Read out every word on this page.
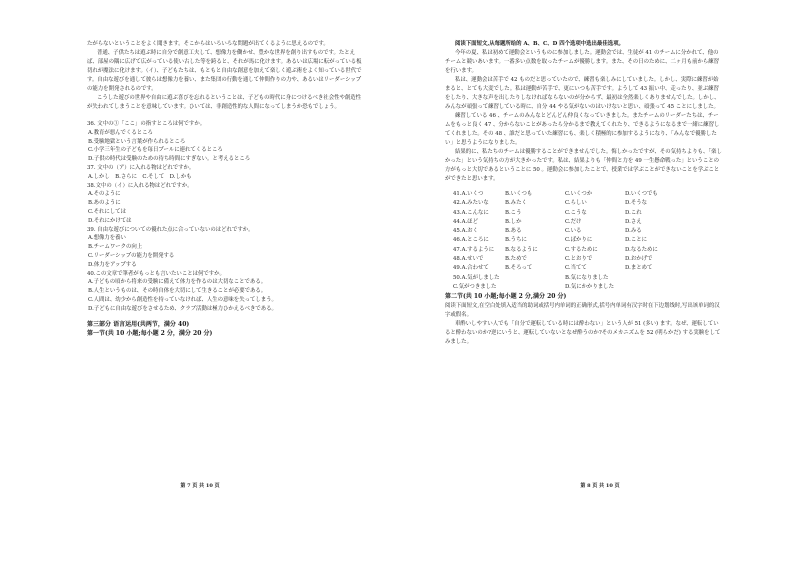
たがらないということをよく聞きます。そこからはいろいろな問題が出てくるように思えるのです。

普通、子供たちは遊ぶ時に自分で創意工夫して、想像力を働かせ、豊かな世界を創り出すものです。たとえば、部屋の隅に広げて広がっている使い古した等を跨ると、それが馬に化けます。あるいは広場に転がっている板切れが魔法に化けます。（イ）、子どもたちは、もともと自由な創意を加えて楽しく遊ぶ術をよく知っている世代です。自由な遊びを通して彼らは想像力を養い、また集団の行動を通して仲間作りの力や、あるいはリーダーシップの能力を開発されるのです。

こうした遊びの世界や自由に遊ぶ喜びを忘れるということは、子どもの時代に身につけるべき社会性や創造性が失われてしまうことを意味しています。ひいては、非創造性的な人間になってしまうか恐もでしょう。

36. 文中の①「ここ」の指すところは何ですか。

A.教育が悪んでくるところ

B.受験地獄という言葉が作られるところ

C.小学三年生の子どもを毎日プールに連れてくるところ

D.子供の時代は受験のための待ち時間にすぎない。と考えるところ

37. 文中の（ア）に入れる物はどれですか。

A.しかし　B.さらに　C.そして　D.しかも

38.文中の（イ）に入れる物はどれですか。

A.そのように

B.あのように

C.それにしては

D.それにかけては

39. 自由な遊びについての優れた点に合っていないのはどれですか。

A.想像力を養い

B.チームワークの向上

C.リーダーシップの能力を開発する

D.体力をアップする

40.この文章で筆者がもっとも言いたいことは何ですか。

A.子どもの頃から将来の受験に備えて体力を作るのは大切なことである。

B.人生というものは、その時自体を大切にして生きることが必要である。

C.人間は、幼少から創造性を持っていなければ、人生の意味を失ってしまう。

D.子どもに自由な遊びをさせるため、クラブ活動は極力ひかえるべきである。

第三部分 语言运用(共两节，满分 40)

第一节(共 10 小题;每小题 2 分，满分 20 分)

第 7 页 共 10 页

阅读下面短文,从每题所给的 A、B、C、D 四个选项中选出最佳选项。

今年の夏、私は初めて運動会というものに参加しました。運動会では、生徒が 41 のチームに分かれて、他のチームと競いあいます。一番多い点数を取ったチームが優勝します。また、その日のために、二ヶ月も前から練習を行います。

私は、運動会は苦手で 42 ものだと思っていたので、練習も楽しみにしていました。しかし、実際に練習が始まると、とても大変でした。私は運動が苦手で、更にいつも苦手です。ようして 43 振い中、走ったり、並ぶ練習をしたり、大きな声を出したりしなければならないのが分からず、最初は全然楽しくありませんでした。しかし、みんなが頑張って練習している時に、自分 44 やる気がないのはいけないと思い、頑張って 45 ことにしました。

練習している 46 、チームのみんなとどんどん仲良くなっていきました。またチームのリーダーたちは、チームをもっと良く 47 、分からないことがあったら分かるまで教えてくれたり、できるようになるまで一緒に練習してくれました。その 48 、誰だと思っていた練習にも、楽しく積極的に参加するようになり、「みんなで優勝したい」と思うようになりました。

結果的に、私たちのチームは優勝することができませんでした。悔しかったですが、その気持ちよりも、「楽しかった」という気持ちの方が大きかったです。私は、結果よりも「仲間と力を 49 一生懸命戦った」ということの方がもっと大切であるということに 50 。運動会に参加したことで、授業では学ぶことができないことを学ぶことができたと思います。

41.A.いくつ	B.いくつも	C.いくつか	D.いくつでも
42.A.みたいな	B.みたく	C.らしい	D.そうな
43.A.こんなに	B.こう	C.こうな	D.これ
44.A.ほど	B.しか	C.だけ	D.さえ
45.A.おく	B.ある	C.いる	D.みる
46.A.ところに	B.うちに	C.ばかりに	D.ことに
47.A.するように	B.なるように	C.するために	D.なるために
48.A.せいで	B.ためで	C.とおりで	D.おかげで
49.A.合わせて	B.そろって	C.当てて	D.まとめて
50.A.気がしました	B.気になりました
C.気がつきました	D.気にかかりました

第二节(共 10 小题;每小题 2 分,满分 20 分)

阅读下面短文,在空白处填入适当的助词或括号内单词的正确形式,括号内单词有汉字时在下边划线时,写出该单词的汉字或假名。

車酔いしやすい人でも「自分で運転している時には酔わない」という人が 51 (多い) ます。なぜ、運転していると酔わないのか?逆にいうと、運転していないとなぜ酔うのか?そのメカニズムを 52 (明らかだ) する実験をしてみました。

第 8 页 共 10 页
